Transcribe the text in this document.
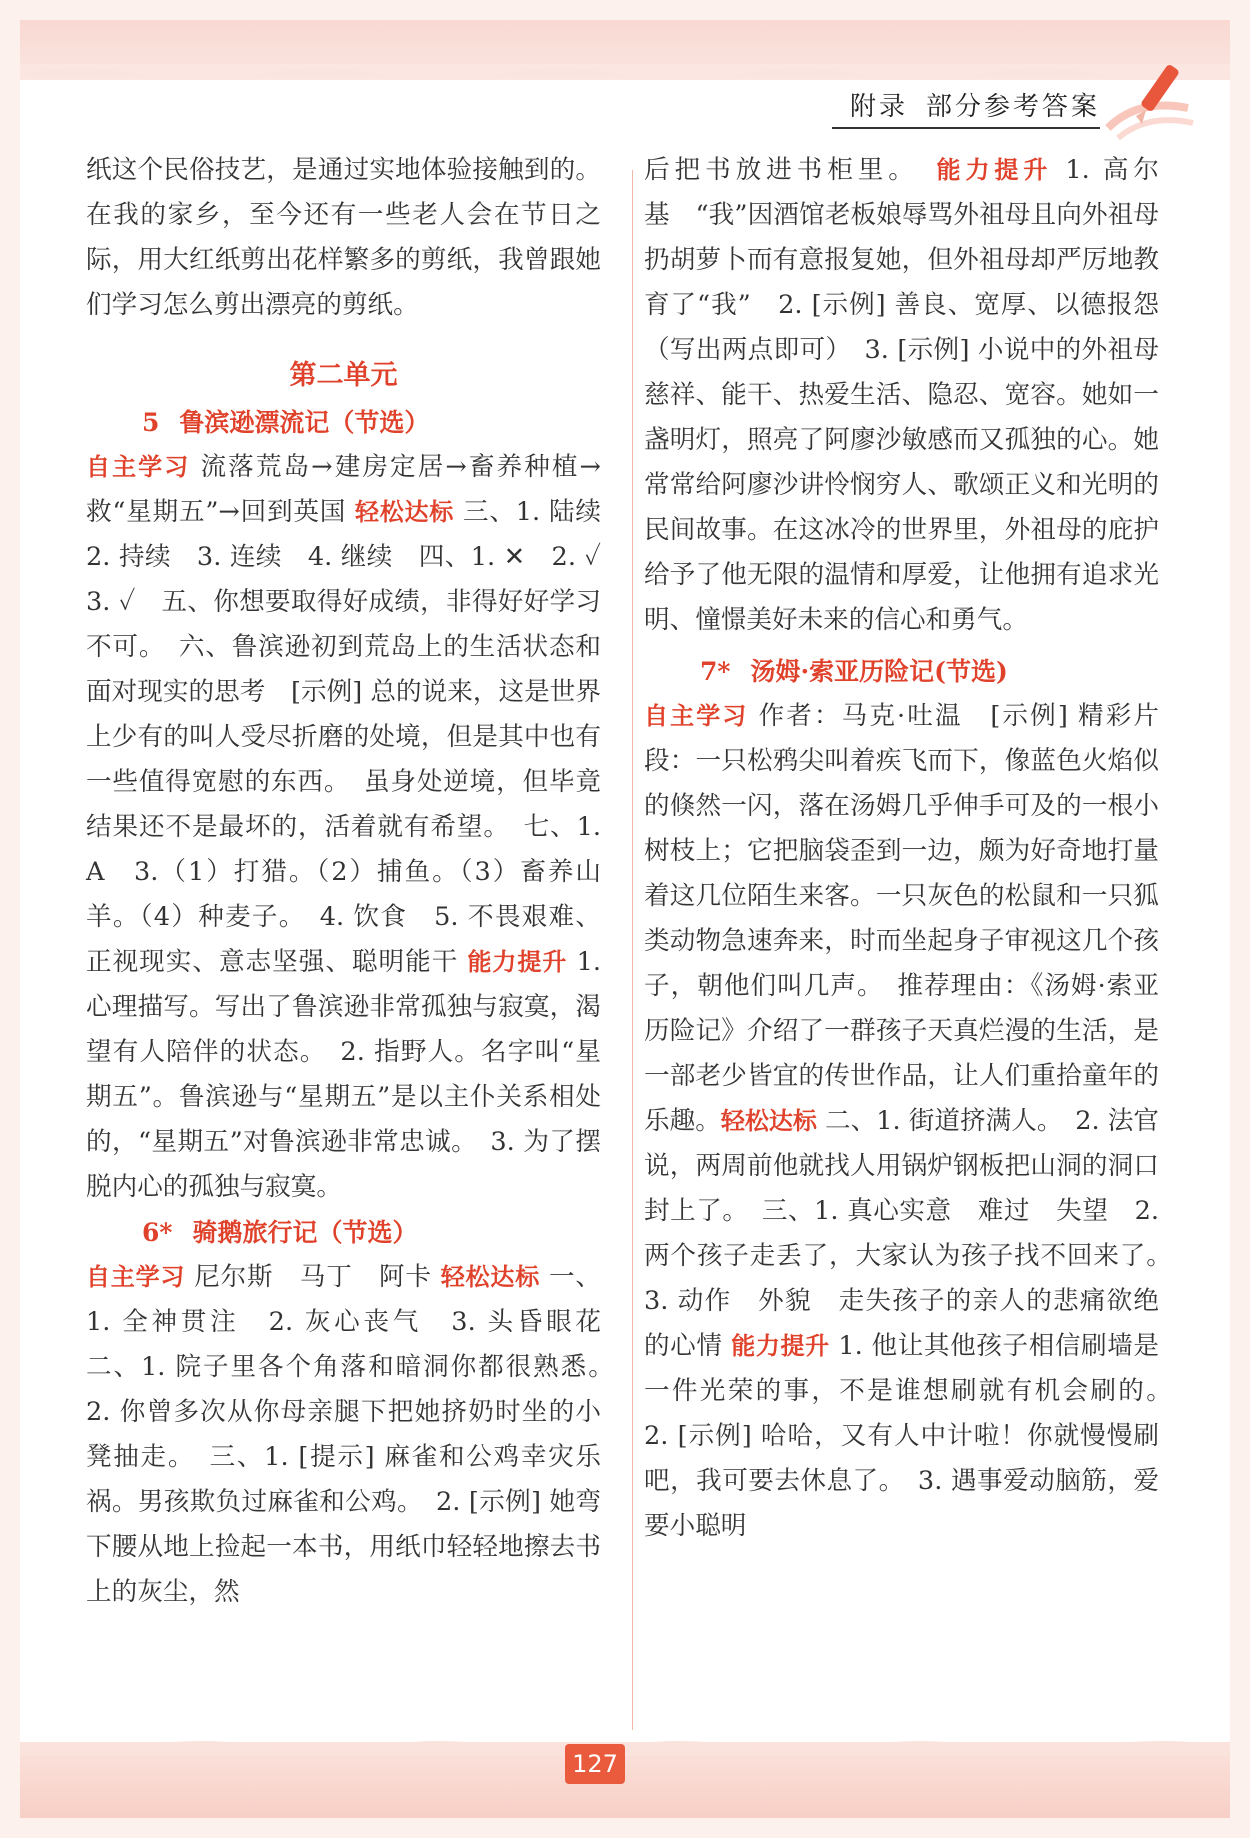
附录 部分参考答案

纸这个民俗技艺，是通过实地体验接触到的。在我的家乡，至今还有一些老人会在节日之际，用大红纸剪出花样繁多的剪纸，我曾跟她们学习怎么剪出漂亮的剪纸。

第二单元
5 鲁滨逊漂流记（节选）

自主学习 流落荒岛→建房定居→畜养种植→救“星期五”→回到英国 轻松达标 三、1. 陆续　2. 持续　3. 连续　4. 继续　四、1. ✕　2. ✓　3. ✓　五、你想要取得好成绩，非得好好学习不可。　六、鲁滨逊初到荒岛上的生活状态和面对现实的思考　[示例] 总的说来，这是世界上少有的叫人受尽折磨的处境，但是其中也有一些值得宽慰的东西。　虽身处逆境，但毕竟结果还不是最坏的，活着就有希望。　七、1. A　3.（1）打猎。（2）捕鱼。（3）畜养山羊。（4）种麦子。　4. 饮食　5. 不畏艰难、正视现实、意志坚强、聪明能干 能力提升 1. 心理描写。写出了鲁滨逊非常孤独与寂寞，渴望有人陪伴的状态。　2. 指野人。名字叫“星期五”。鲁滨逊与“星期五”是以主仆关系相处的，“星期五”对鲁滨逊非常忠诚。　3. 为了摆脱内心的孤独与寂寞。

6* 骑鹅旅行记（节选）

自主学习 尼尔斯　马丁　阿卡 轻松达标 一、1. 全神贯注　2. 灰心丧气　3. 头昏眼花　二、1. 院子里各个角落和暗洞你都很熟悉。　2. 你曾多次从你母亲腿下把她挤奶时坐的小凳抽走。　三、1. [提示] 麻雀和公鸡幸灾乐祸。男孩欺负过麻雀和公鸡。　2. [示例] 她弯下腰从地上捡起一本书，用纸巾轻轻地擦去书上的灰尘，然

后把书放进书柜里。　 能力提升 1. 高尔基　“我”因酒馆老板娘辱骂外祖母且向外祖母扔胡萝卜而有意报复她，但外祖母却严厉地教育了“我”　2. [示例] 善良、宽厚、以德报怨（写出两点即可）　3. [示例] 小说中的外祖母慈祥、能干、热爱生活、隐忍、宽容。她如一盏明灯，照亮了阿廖沙敏感而又孤独的心。她常常给阿廖沙讲怜悯穷人、歌颂正义和光明的民间故事。在这冰冷的世界里，外祖母的庇护给予了他无限的温情和厚爱，让他拥有追求光明、憧憬美好未来的信心和勇气。

7* 汤姆·索亚历险记(节选)

自主学习 作者：马克·吐温　[示例] 精彩片段：一只松鸦尖叫着疾飞而下，像蓝色火焰似的倏然一闪，落在汤姆几乎伸手可及的一根小树枝上；它把脑袋歪到一边，颇为好奇地打量着这几位陌生来客。一只灰色的松鼠和一只狐类动物急速奔来，时而坐起身子审视这几个孩子，朝他们叫几声。　推荐理由：《汤姆·索亚历险记》介绍了一群孩子天真烂漫的生活，是一部老少皆宜的传世作品，让人们重拾童年的乐趣。轻松达标 二、1. 街道挤满人。　2. 法官说，两周前他就找人用锅炉钢板把山洞的洞口封上了。　三、1. 真心实意　难过　失望　2. 两个孩子走丢了，大家认为孩子找不回来了。　3. 动作　外貌　走失孩子的亲人的悲痛欲绝的心情 能力提升 1. 他让其他孩子相信刷墙是一件光荣的事，不是谁想刷就有机会刷的。　2. [示例] 哈哈，又有人中计啦！你就慢慢刷吧，我可要去休息了。　3. 遇事爱动脑筋，爱要小聪明

127
